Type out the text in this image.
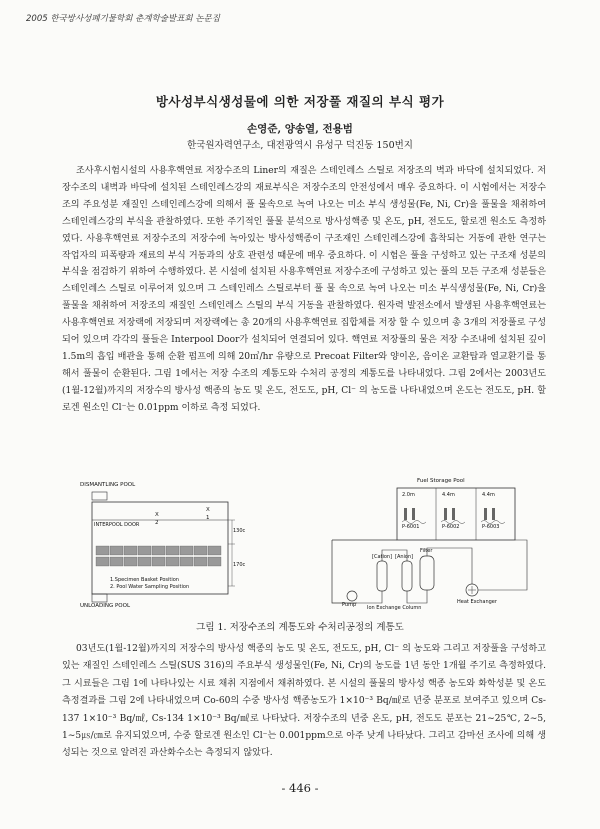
2005 한국방사성폐기물학회 춘계학술발표회 논문집
방사성부식생성물에 의한 저장풀 재질의 부식 평가
손영준, 양송열, 전용범
한국원자력연구소, 대전광역시 유성구 덕진동 150번지

조사후시험시설의 사용후핵연료 저장수조의 Liner의 재질은 스테인레스 스틸로 저장조의 벽과 바닥에 설치되었다. 저장수조의 내벽과 바닥에 설치된 스테인레스강의 재료부식은 저장수조의 안전성에서 매우 중요하다. 이 시험에서는 저장수조의 주요성분 재질인 스테인레스강에 의해서 풀 물속으로 녹여 나오는 미소 부식 생성물(Fe, Ni, Cr)을 풀물을 채취하여 스테인레스강의 부식을 관찰하였다. 또한 주기적인 풀물 분석으로 방사성핵종 및 온도, pH, 전도도, 할로겐 원소도 측정하였다. 사용후핵연료 저장수조의 저장수에 녹아있는 방사성핵종이 구조재인 스테인레스강에 흡착되는 거동에 관한 연구는 작업자의 피폭량과 재료의 부식 거동과의 상호 관련성 때문에 매우 중요하다. 이 시험은 풀을 구성하고 있는 구조재 성분의 부식을 점검하기 위하여 수행하였다. 본 시설에 설치된 사용후핵연료 저장수조에 구성하고 있는 풀의 모든 구조재 성분들은 스테인레스 스틸로 이루어져 있으며 그 스테인레스 스틸로부터 풀 물 속으로 녹여 나오는 미소 부식생성물(Fe, Ni, Cr)을 풀물을 채취하여 저장조의 재질인 스테인레스 스틸의 부식 거동을 관찰하였다. 원자력 발전소에서 발생된 사용후핵연료는 사용후핵연료 저장랙에 저장되며 저장랙에는 총 20개의 사용후핵연료 집합체를 저장 할 수 있으며 총 3개의 저장풀로 구성되어 있으며 각각의 풀들은 Interpool Door가 설치되어 연결되어 있다. 핵연료 저장풀의 물은 저장 수조내에 설치된 깊이1.5m의 흡입 배관을 통해 순환 펌프에 의해 20㎥/hr 유량으로 Precoat Filter와 양이온, 음이온 교환탑과 열교환기를 통해서 풀물이 순환된다. 그림 1에서는 저장 수조의 계통도와 수처리 공정의 계통도를 나타내었다. 그림 2에서는 2003년도(1월-12월)까지의 저장수의 방사성 핵종의 농도 및 온도, 전도도, pH, Cl⁻ 의 농도를 나타내었으며 온도는 전도도, pH. 할로겐 원소인 Cl⁻는 0.01ppm 이하로 측정 되었다.

DISMANTLING POOL
INTERPOOL DOOR
X
2
X
1
130c
170c
1.Specimen Basket Position
2. Pool Water Sampling Position
UNLOADING POOL
Fuel Storage Pool
P-6001	P-6002	P-6003
2.0m	4.4m	4.4m
[Cation] [Anion]
Filter
Pump Ion Exchange Column
Heat Exchanger
그림 1. 저장수조의 계통도와 수처리공정의 계통도

03년도(1월-12월)까지의 저장수의 방사성 핵종의 농도 및 온도, 전도도, pH, Cl⁻ 의 농도와 그리고 저장풀을 구성하고 있는 재질인 스테인레스 스틸(SUS 316)의 주요부식 생성물인(Fe, Ni, Cr)의 농도를 1년 동안 1개월 주기로 측정하였다. 그 시료들은 그림 1에 나타나있는 시료 채취 지점에서 채취하였다. 본 시설의 풀물의 방사성 핵종 농도와 화학성분 및 온도 측정결과를 그림 2에 나타내었으며 Co-60의 수중 방사성 핵종농도가 1×10⁻³ Bq/㎖로 년중 분포로 보여주고 있으며 Cs-137 1×10⁻³ Bq/㎖, Cs-134 1×10⁻³ Bq/㎖로 나타났다. 저장수조의 년중 온도, pH, 전도도 분포는 21∼25℃, 2∼5, 1∼5㎲/㎝로 유지되었으며, 수중 할로겐 원소인 Cl⁻는 0.001ppm으로 아주 낮게 나타났다. 그리고 감마선 조사에 의해 생성되는 것으로 알려진 과산화수소는 측정되지 않았다.

- 446 -
